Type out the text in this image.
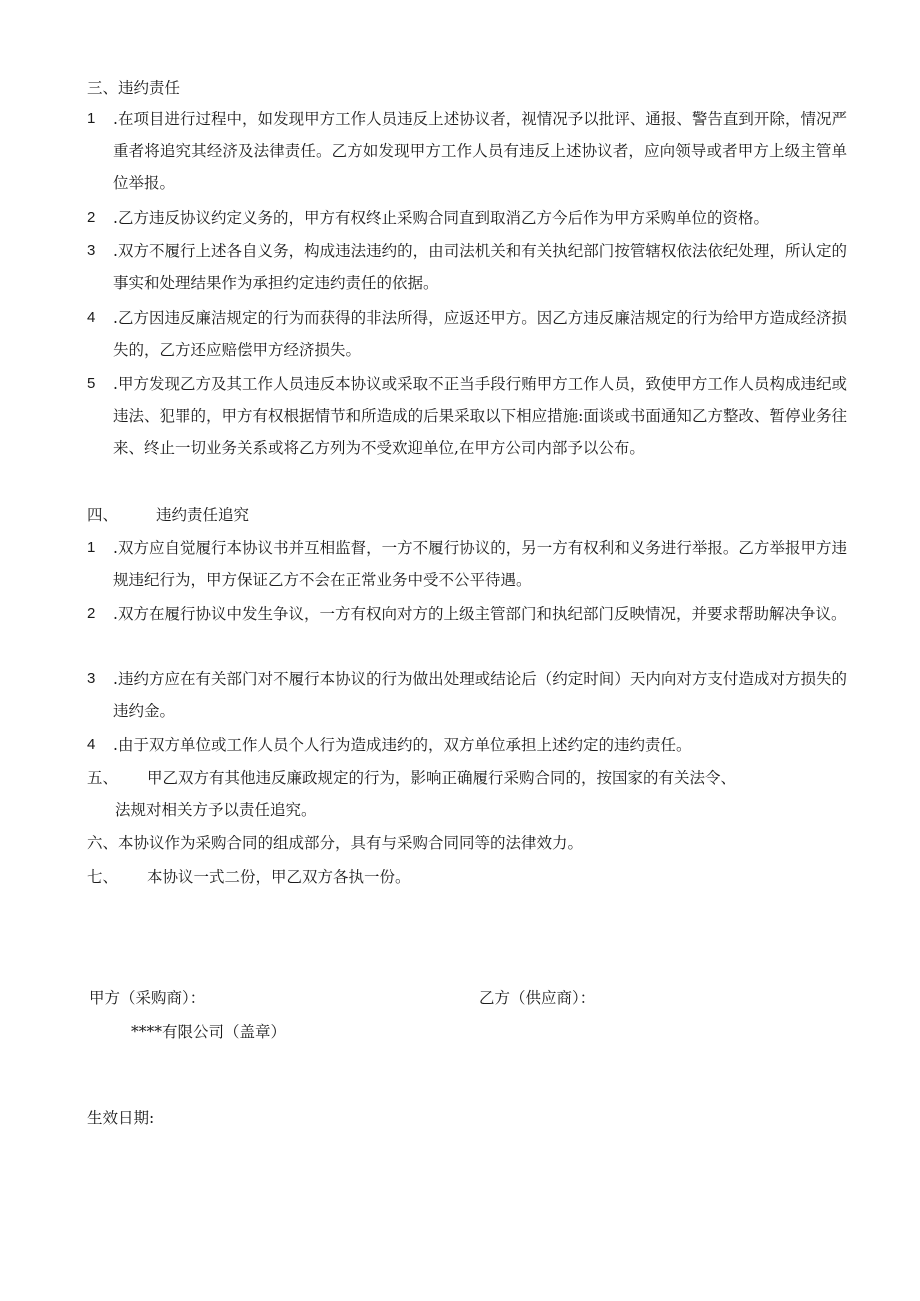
三、违约责任
1	. 在项目进行过程中，如发现甲方工作人员违反上述协议者，视情况予以批评、通报、警告直到开除，情况严重者将追究其经济及法律责任。乙方如发现甲方工作人员有违反上述协议者，应向领导或者甲方上级主管单位举报。
2	. 乙方违反协议约定义务的，甲方有权终止采购合同直到取消乙方今后作为甲方采购单位的资格。
3	. 双方不履行上述各自义务，构成违法违约的，由司法机关和有关执纪部门按管辖权依法依纪处理，所认定的事实和处理结果作为承担约定违约责任的依据。
4	. 乙方因违反廉洁规定的行为而获得的非法所得，应返还甲方。因乙方违反廉洁规定的行为给甲方造成经济损失的，乙方还应赔偿甲方经济损失。
5	. 甲方发现乙方及其工作人员违反本协议或采取不正当手段行贿甲方工作人员，致使甲方工作人员构成违纪或违法、犯罪的，甲方有权根据情节和所造成的后果采取以下相应措施:面谈或书面通知乙方整改、暂停业务往来、终止一切业务关系或将乙方列为不受欢迎单位,在甲方公司内部予以公布。
四、 违约责任追究
1	. 双方应自觉履行本协议书并互相监督，一方不履行协议的，另一方有权利和义务进行举报。乙方举报甲方违规违纪行为，甲方保证乙方不会在正常业务中受不公平待遇。
2	. 双方在履行协议中发生争议，一方有权向对方的上级主管部门和执纪部门反映情况，并要求帮助解决争议。
3	. 违约方应在有关部门对不履行本协议的行为做出处理或结论后（约定时间）天内向对方支付造成对方损失的违约金。
4	. 由于双方单位或工作人员个人行为造成违约的，双方单位承担上述约定的违约责任。
五、 甲乙双方有其他违反廉政规定的行为，影响正确履行采购合同的，按国家的有关法令、
法规对相关方予以责任追究。
六、本协议作为采购合同的组成部分，具有与采购合同同等的法律效力。
七、 本协议一式二份，甲乙双方各执一份。
甲方（采购商）：	乙方（供应商）：
****有限公司（盖章）
生效日期:
